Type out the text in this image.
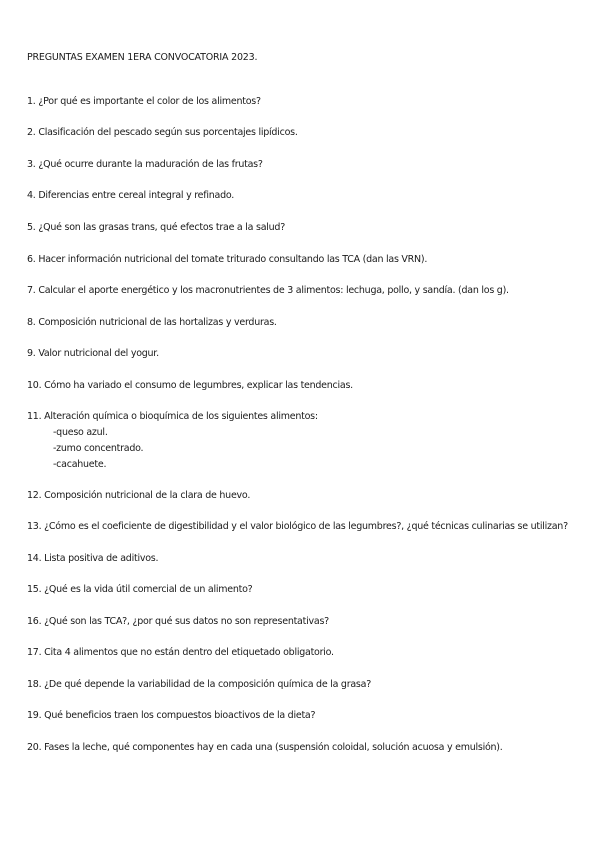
PREGUNTAS EXAMEN 1ERA CONVOCATORIA 2023.
1. ¿Por qué es importante el color de los alimentos?
2. Clasificación del pescado según sus porcentajes lipídicos.
3. ¿Qué ocurre durante la maduración de las frutas?
4. Diferencias entre cereal integral y refinado.
5. ¿Qué son las grasas trans, qué efectos trae a la salud?
6. Hacer información nutricional del tomate triturado consultando las TCA (dan las VRN).
7. Calcular el aporte energético y los macronutrientes de 3 alimentos: lechuga, pollo, y sandía. (dan los g).
8. Composición nutricional de las hortalizas y verduras.
9. Valor nutricional del yogur.
10. Cómo ha variado el consumo de legumbres, explicar las tendencias.
11. Alteración química o bioquímica de los siguientes alimentos:
-queso azul.
-zumo concentrado.
-cacahuete.
12. Composición nutricional de la clara de huevo.
13. ¿Cómo es el coeficiente de digestibilidad y el valor biológico de las legumbres?, ¿qué técnicas culinarias se utilizan?
14. Lista positiva de aditivos.
15. ¿Qué es la vida útil comercial de un alimento?
16. ¿Qué son las TCA?, ¿por qué sus datos no son representativas?
17. Cita 4 alimentos que no están dentro del etiquetado obligatorio.
18. ¿De qué depende la variabilidad de la composición química de la grasa?
19. Qué beneficios traen los compuestos bioactivos de la dieta?
20. Fases la leche, qué componentes hay en cada una (suspensión coloidal, solución acuosa y emulsión).
